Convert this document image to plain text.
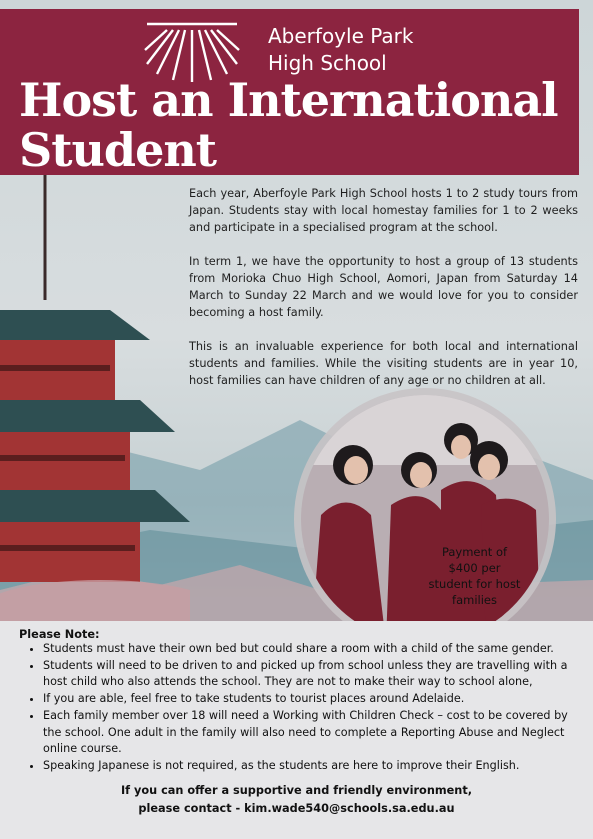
Aberfoyle Park
High School
Host an International
Student

Each year, Aberfoyle Park High School hosts 1 to 2 study tours from Japan. Students stay with local homestay families for 1 to 2 weeks and participate in a specialised program at the school.

In term 1, we have the opportunity to host a group of 13 students from Morioka Chuo High School, Aomori, Japan from Saturday 14 March to Sunday 22 March and we would love for you to consider becoming a host family.

This is an invaluable experience for both local and international students and families. While the visiting students are in year 10, host families can have children of any age or no children at all.

Payment of $400 per student for host families
• Students must have their own bed but could share a room with a child of the same gender.
• Students will need to be driven to and picked up from school unless they are travelling with a host child who also attends the school. They are not to make their way to school alone,
• If you are able, feel free to take students to tourist places around Adelaide.
• Each family member over 18 will need a Working with Children Check – cost to be covered by the school. One adult in the family will also need to complete a Reporting Abuse and Neglect online course.
• Speaking Japanese is not required, as the students are here to improve their English.
Please Note:
If you can offer a supportive and friendly environment,
please contact - kim.wade540@schools.sa.edu.au
